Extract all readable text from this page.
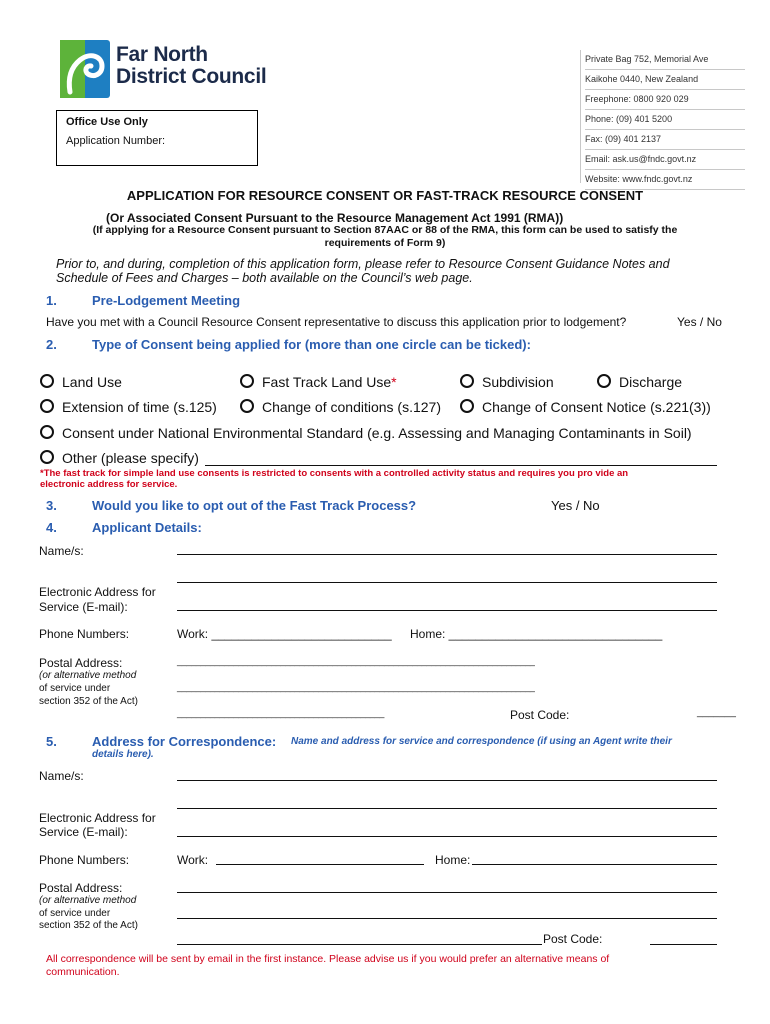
Far North
District Council
Private Bag 752, Memorial Ave
Kaikohe 0440, New Zealand
Freephone: 0800 920 029
Phone: (09) 401 5200
Fax: (09) 401 2137
Email: ask.us@fndc.govt.nz
Website: www.fndc.govt.nz
Office Use Only
Application Number:
APPLICATION FOR RESOURCE CONSENT OR FAST-TRACK RESOURCE CONSENT
(Or Associated Consent Pursuant to the Resource Management Act 1991 (RMA))
(If applying for a Resource Consent pursuant to Section 87AAC or 88 of the RMA, this form can be used to satisfy the
requirements of Form 9)
Prior to, and during, completion of this application form, please refer to Resource Consent Guidance Notes and
Schedule of Fees and Charges – both available on the Council’s web page.
1.	Pre-Lodgement Meeting
Have you met with a Council Resource Consent representative to discuss this application prior to lodgement?	Yes / No
2.	Type of Consent being applied for (more than one circle can be ticked):
Land Use	Fast Track Land Use*	Subdivision	Discharge
Extension of time (s.125)	Change of conditions (s.127)	Change of Consent Notice (s.221(3))
Consent under National Environmental Standard (e.g. Assessing and Managing Contaminants in Soil)
Other (please specify)
*The fast track for simple land use consents is restricted to consents with a controlled activity status and requires you pro vide an
electronic address for service.
3.	Would you like to opt out of the Fast Track Process?	Yes / No
4.	Applicant Details:
Name/s:
Electronic Address for
Service (E-mail):
Phone Numbers:	Work: ___________________________ Home: ________________________________
Postal Address:
(or alternative method
of service under
section 352 of the Act)
____________________________________________________________________________
____________________________________________________________________________
____________________________________________	Post Code:	_______
5.	Address for Correspondence: Name and address for service and correspondence (if using an Agent write their
details here).
Name/s:
Electronic Address for
Service (E-mail):
Phone Numbers:	Work:	Home:
Postal Address:
(or alternative method
of service under
section 352 of the Act)
Post Code:
All correspondence will be sent by email in the first instance. Please advise us if you would prefer an alternative means of
communication.
